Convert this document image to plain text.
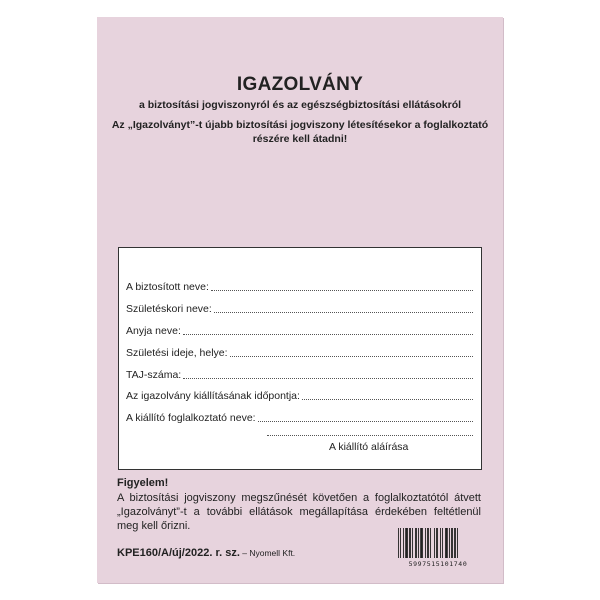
IGAZOLVÁNY
a biztosítási jogviszonyról és az egészségbiztosítási ellátásokról
Az „Igazolványt”-t újabb biztosítási jogviszony létesítésekor a foglalkoztató
részére kell átadni!
A biztosított neve:
Születéskori neve:
Anyja neve:
Születési ideje, helye:
TAJ-száma:
Az igazolvány kiállításának időpontja:
A kiállító foglalkoztató neve:
A kiállító aláírása
Figyelem!
A biztosítási jogviszony megszűnését követően a foglalkoztatótól átvett „Igazolványt”-t a további ellátások megállapítása érdekében feltétlenül meg kell őrizni.
KPE160/A/új/2022. r. sz. – Nyomell Kft.
5997515101740
